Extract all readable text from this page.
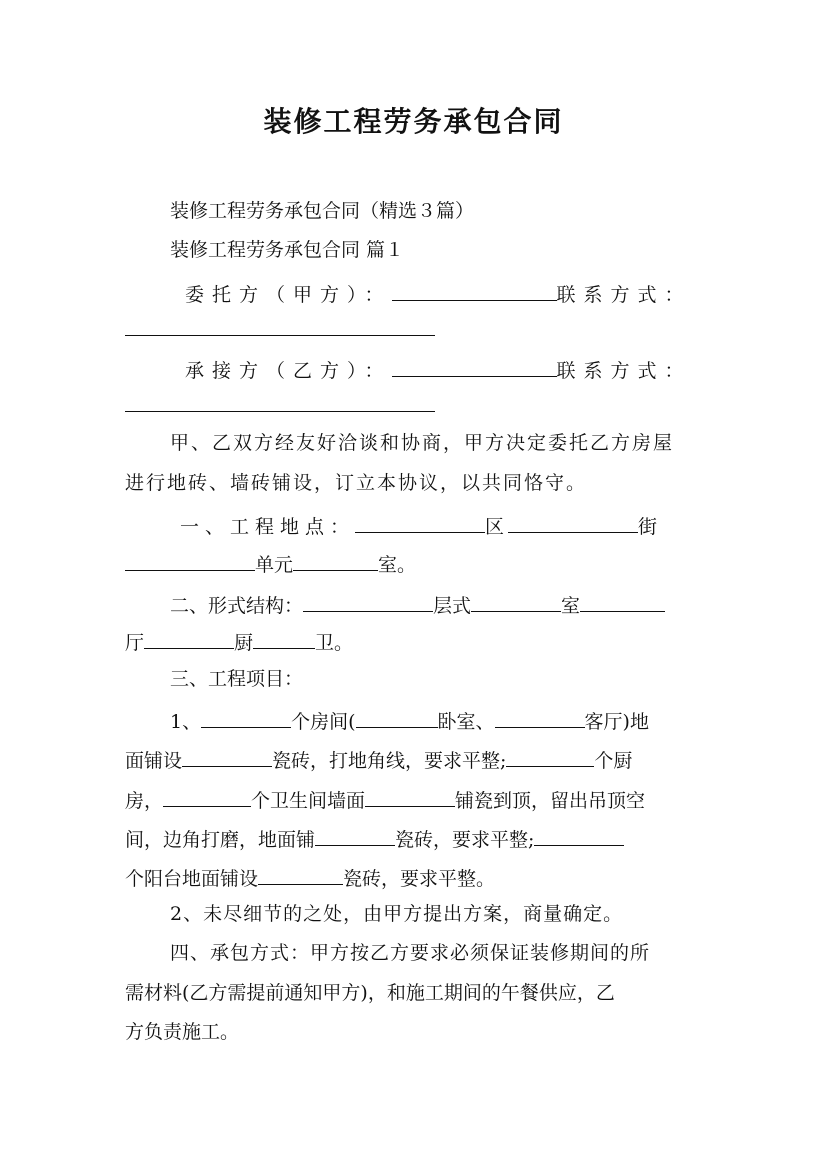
装修工程劳务承包合同
装修工程劳务承包合同（精选３篇）
装修工程劳务承包合同 篇１
委托方（甲方）：	联系方式：
承接方（乙方）：	联系方式：
甲、乙双方经友好洽谈和协商，甲方决定委托乙方房屋
进行地砖、墙砖铺设，订立本协议，以共同恪守。
一、工程地点：	区	街
单元	室。
二、形式结构：	层式	室
厅	厨	卫。
三、工程项目：
1、	个房间(	卧室、	客厅)地
面铺设	瓷砖，打地角线，要求平整;	个厨
房，	个卫生间墙面	铺瓷到顶，留出吊顶空
间，边角打磨，地面铺	瓷砖，要求平整;
个阳台地面铺设	瓷砖，要求平整。
2、未尽细节的之处，由甲方提出方案，商量确定。
四、承包方式：甲方按乙方要求必须保证装修期间的所
需材料(乙方需提前通知甲方)，和施工期间的午餐供应，乙
方负责施工。
